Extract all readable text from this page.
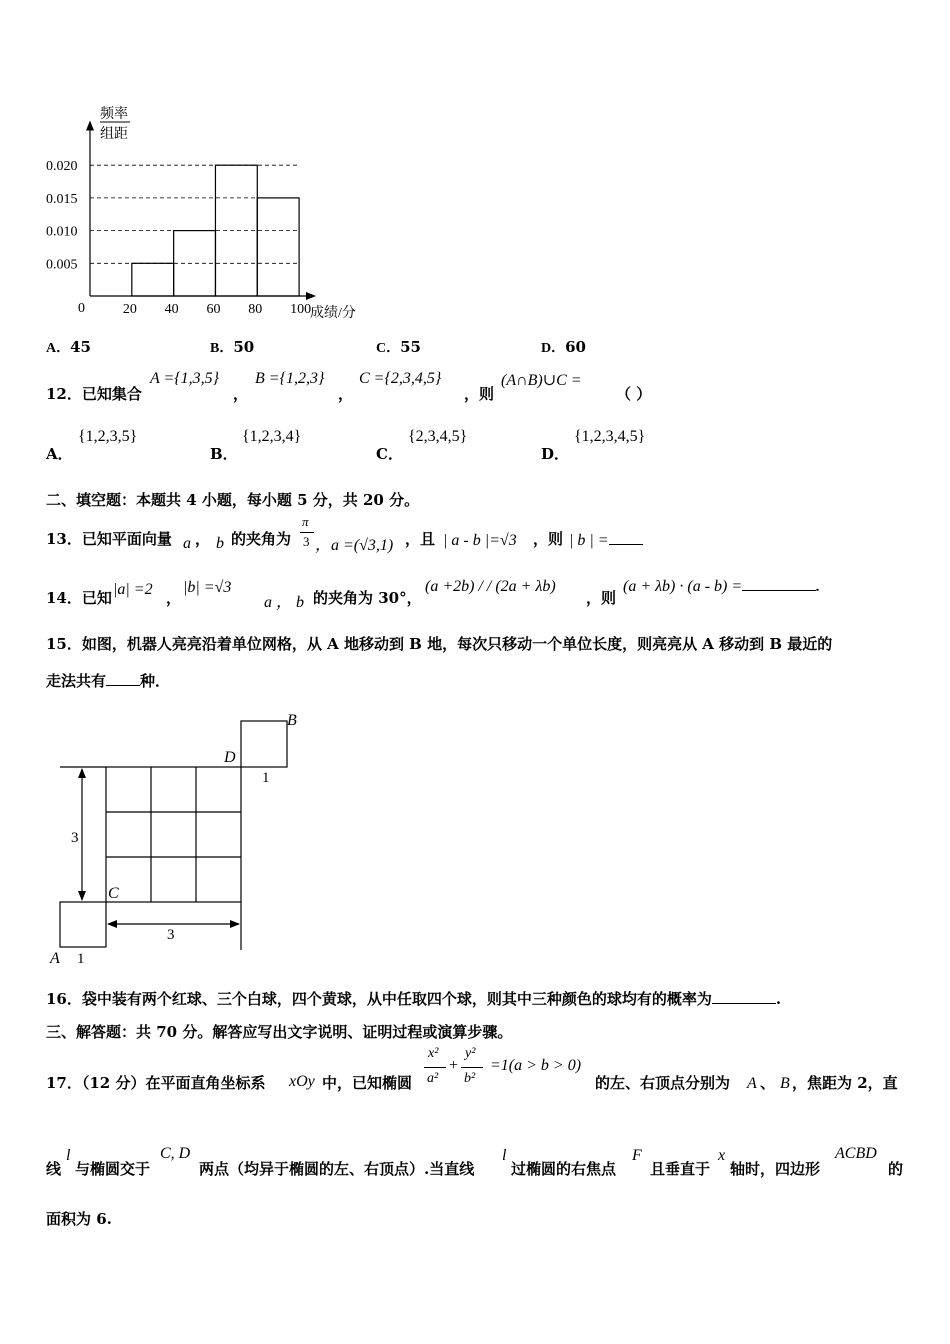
频率
组距
0.005
0.010
0.015
0.020
20 40 60 80 100
成绩/分
0
A．45	B．50	C．55	D．60
12．已知集合
A ={1,3,5}
，
B ={1,2,3}
，
C ={2,3,4,5}
，则
(A∩B)∪C =
（ ）
A．
{1,2,3,5}
B．
{1,2,3,4}
C．
{2,3,4,5}
D．
{1,2,3,4,5}
二、填空题：本题共 4 小题，每小题 5 分，共 20 分。
13．已知平面向量 a ， b 的夹角为
π
3 ，a =(√3,1) ，且 | a - b |=√3 ，则 | b | =
14．已知 |a| =2 ，
|b| =√3
a ， b 的夹角为 30°，
(a +2b) / / (2a + λb)
，则
(a + λb) · (a - b) =	.
15．如图，机器人亮亮沿着单位网格，从 A 地移动到 B 地，每次只移动一个单位长度，则亮亮从 A 移动到 B 最近的
走法共有 种．
B
D
1
3
C
3
A 1
16．袋中装有两个红球、三个白球，四个黄球，从中任取四个球，则其中三种颜色的球均有的概率为	.
三、解答题：共 70 分。解答应写出文字说明、证明过程或演算步骤。
17．（12 分）在平面直角坐标系 xOy 中，已知椭圆
x²
a²
+
y²
b²
=1(a > b > 0)
的左、右顶点分别为 A 、 B ，焦距为 2，直
线
l
与椭圆交于
C, D
两点（均异于椭圆的左、右顶点）.当直线
l
过椭圆的右焦点
F
且垂直于
x
轴时，四边形
ACBD
的
面积为 6.
